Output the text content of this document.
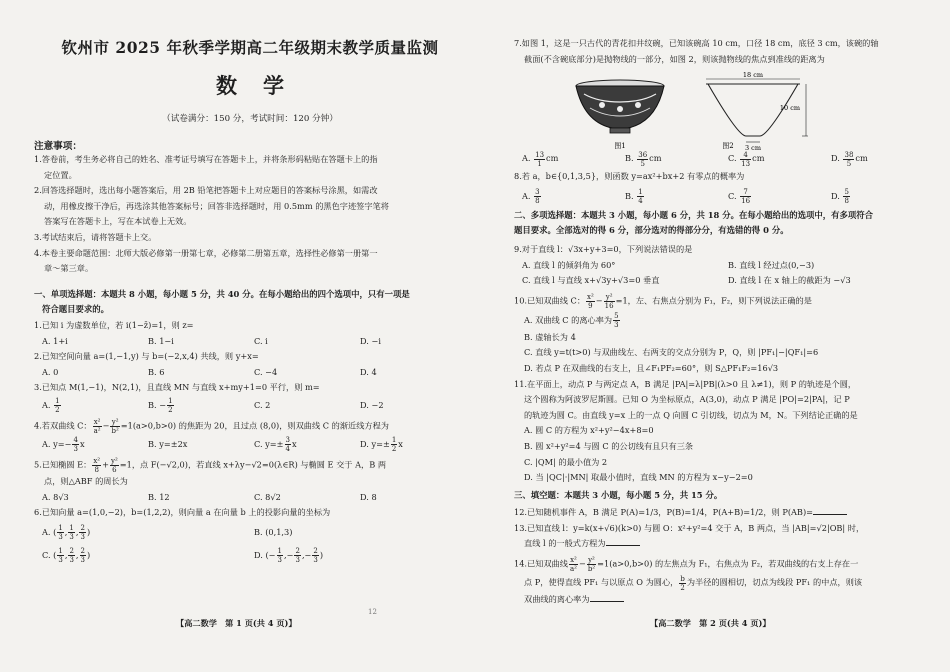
钦州市 2025 年秋季学期高二年级期末教学质量监测
数学
（试卷满分：150 分，考试时间：120 分钟）
注意事项：
1.答卷前，考生务必将自己的姓名、准考证号填写在答题卡上，并将条形码粘贴在答题卡上的指
定位置。
2.回答选择题时，选出每小题答案后，用 2B 铅笔把答题卡上对应题目的答案标号涂黑，如需改
动，用橡皮擦干净后，再选涂其他答案标号；回答非选择题时，用 0.5mm 的黑色字迹签字笔将
答案写在答题卡上，写在本试卷上无效。
3.考试结束后，请将答题卡上交。
4.本卷主要命题范围：北师大版必修第一册第七章，必修第二册第五章，选择性必修第一册第一
章～第三章。
一、单项选择题：本题共 8 小题，每小题 5 分，共 40 分。在每小题给出的四个选项中，只有一项是
符合题目要求的。
1.已知 i 为虚数单位，若 i(1−z̄)=1，则 z=
A. 1+i	B. 1−i	C. i	D. −i
2.已知空间向量 a=(1,−1,y) 与 b=(−2,x,4) 共线，则 y+x=
A. 0	B. 6	C. −4	D. 4
3.已知点 M(1,−1)，N(2,1)，且直线 MN 与直线 x+my+1=0 平行，则 m=
A. $\frac{1}{2}$	B. − $\frac{1}{2}$	C. 2	D. −2
4.若双曲线 C： $\frac{\text{x²}}{\text{a²}} - \frac{\text{y²}}{\text{b²}} =1(a>0,b>0)$ 的焦距为 20，且过点 (8,0)，则双曲线 C 的渐近线方程为
A. $y=- \frac{4}{3}$ x	B. y=±2x	C. $y=\pm \frac{3}{4}$ x	D. $y=\pm \frac{1}{2}$ x
5.已知椭圆 E： $\frac{\text{x²}}{8} + \frac{\text{y²}}{6} =1$，点 F(−√2,0)，若直线 x+λy−√2=0(λ∈R) 与椭圆 E 交于 A，B 两
点，则△ABF 的周长为
A. 8√3	B. 12	C. 8√2	D. 8
6.已知向量 a=(1,0,−2)，b=(1,2,2)，则向量 a 在向量 b 上的投影向量的坐标为
A. ( $\frac{1}{3}$ , $\frac{1}{3}$ , $\frac{2}{3}$ )	B. (0,1,3)
C. ( $\frac{1}{3}$ , $\frac{2}{3}$ , $\frac{2}{3}$ )	D. (− $\frac{1}{3}$ ,− $\frac{2}{3}$ ,− $\frac{2}{3}$ )
12
【高二数学　第 1 页(共 4 页)】
7.如图 1，这是一只古代的青花扣井纹碗，已知该碗高 10 cm，口径 18 cm，底径 3 cm，该碗的轴
截面(不含碗底部分)是抛物线的一部分，如图 2，则该抛物线的焦点到准线的距离为
A. $\frac{13}{1}$ cm	B. $\frac{36}{5}$ cm	C. $\frac{4}{13}$ cm	D. $\frac{38}{5}$ cm
8.若 a，b∈{0,1,3,5}，则函数 y=ax²+bx+2 有零点的概率为
A. $\frac{3}{8}$	B. $\frac{1}{4}$	C. $\frac{7}{16}$	D. $\frac{5}{8}$
二、多项选择题：本题共 3 小题，每小题 6 分，共 18 分。在每小题给出的选项中，有多项符合
题目要求。全部选对的得 6 分，部分选对的得部分分，有选错的得 0 分。
9.对于直线 l：√3x+y+3=0，下列说法错误的是
A. 直线 l 的倾斜角为 60°	B. 直线 l 经过点(0,−3)
C. 直线 l 与直线 x+√3y+√3=0 垂直	D. 直线 l 在 x 轴上的截距为 −√3
10.已知双曲线 C： $\frac{\text{x²}}{9} - \frac{\text{y²}}{16} =1$，左、右焦点分别为 F₁，F₂，则下列说法正确的是
A. 双曲线 C 的离心率为 $\frac{5}{3}$
B. 虚轴长为 4
C. 直线 y=t(t>0) 与双曲线左、右两支的交点分别为 P，Q，则 |PF₁|−|QF₁|=6
D. 若点 P 在双曲线的右支上，且∠F₁PF₂=60°，则 S△PF₁F₂=16√3
11.在平面上，动点 P 与两定点 A，B 满足 |PA|=λ|PB|(λ>0 且 λ≠1)，则 P 的轨迹是个圆，
这个圆称为阿波罗尼斯圆。已知 O 为坐标原点，A(3,0)，动点 P 满足 |PO|=2|PA|，记 P
的轨迹为圆 C。由直线 y=x 上的一点 Q 向圆 C 引切线，切点为 M，N。下列结论正确的是
A. 圆 C 的方程为 x²+y²−4x+8=0
B. 圆 x²+y²=4 与圆 C 的公切线有且只有三条
C. |QM| 的最小值为 2
D. 当 |QC|·|MN| 取最小值时，直线 MN 的方程为 x−y−2=0
三、填空题：本题共 3 小题，每小题 5 分，共 15 分。
12.已知随机事件 A，B 满足 P(A)=1/3，P(B)=1/4，P(A+B)=1/2，则 P(AB)=
13.已知直线 l：y=k(x+√6)(k>0) 与圆 O：x²+y²=4 交于 A，B 两点，当 |AB|=√2|OB| 时，
直线 l 的一般式方程为
14.已知双曲线 $\frac{\text{x²}}{\text{a²}} - \frac{\text{y²}}{\text{b²}} =1(a>0,b>0)$ 的左焦点为 F₁，右焦点为 F₂，若双曲线的右支上存在一
点 P，使得直线 PF₁ 与以原点 O 为圆心， $\frac{b}{2}$ 为半径的圆相切，切点为线段 PF₁ 的中点，则该
双曲线的离心率为
图1
18 cm
10 cm
3 cm
图2
【高二数学　第 2 页(共 4 页)】
